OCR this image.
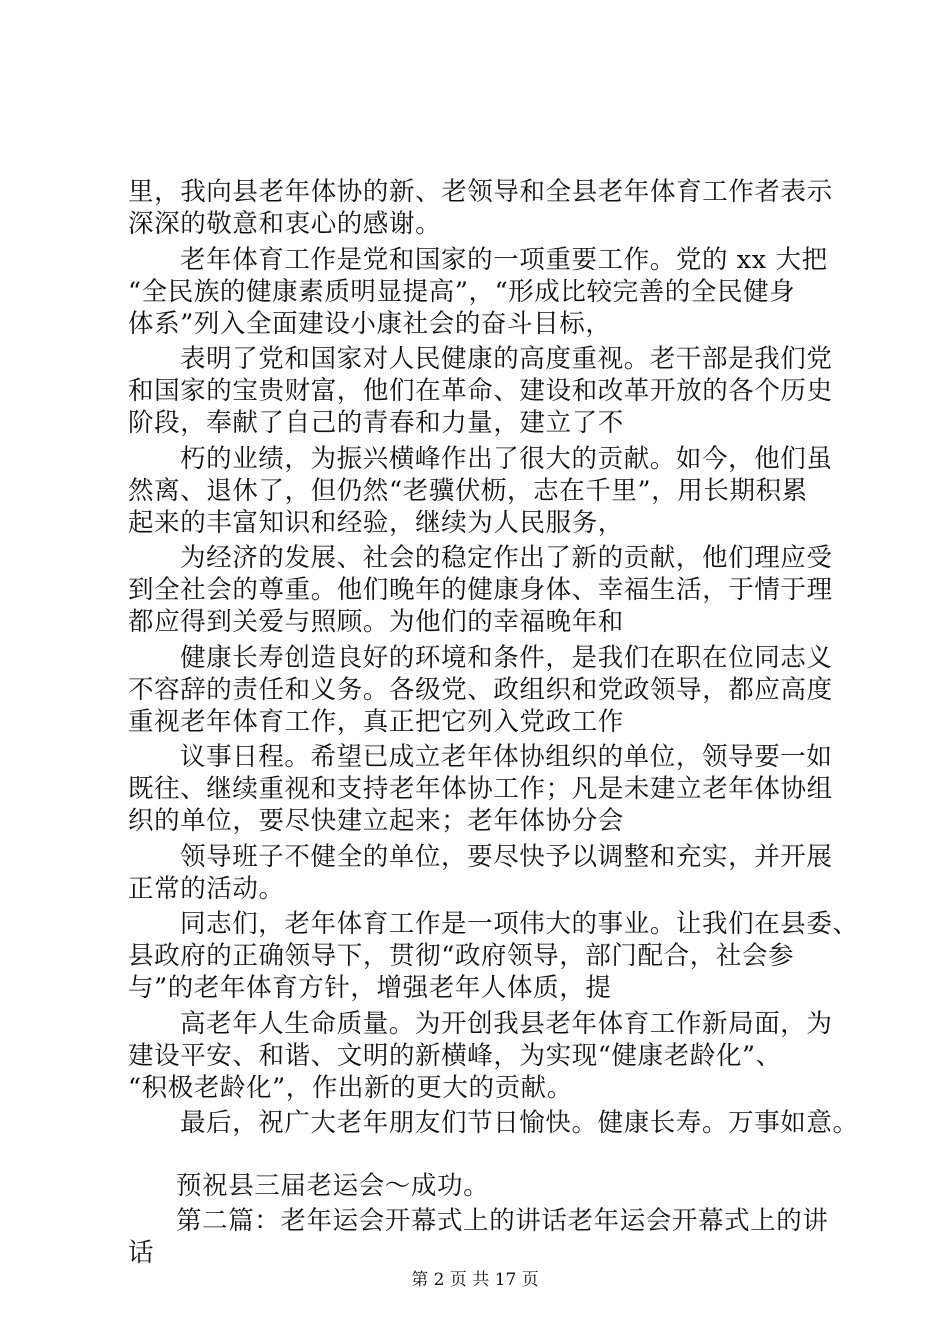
里，我向县老年体协的新、老领导和全县老年体育工作者表示
深深的敬意和衷心的感谢。
老年体育工作是党和国家的一项重要工作。党的 xx 大把
“全民族的健康素质明显提高”，“形成比较完善的全民健身
体系”列入全面建设小康社会的奋斗目标，
表明了党和国家对人民健康的高度重视。老干部是我们党
和国家的宝贵财富，他们在革命、建设和改革开放的各个历史
阶段，奉献了自己的青春和力量，建立了不
朽的业绩，为振兴横峰作出了很大的贡献。如今，他们虽
然离、退休了，但仍然“老骥伏枥，志在千里”，用长期积累
起来的丰富知识和经验，继续为人民服务，
为经济的发展、社会的稳定作出了新的贡献，他们理应受
到全社会的尊重。他们晚年的健康身体、幸福生活，于情于理
都应得到关爱与照顾。为他们的幸福晚年和
健康长寿创造良好的环境和条件，是我们在职在位同志义
不容辞的责任和义务。各级党、政组织和党政领导，都应高度
重视老年体育工作，真正把它列入党政工作
议事日程。希望已成立老年体协组织的单位，领导要一如
既往、继续重视和支持老年体协工作；凡是未建立老年体协组
织的单位，要尽快建立起来；老年体协分会
领导班子不健全的单位，要尽快予以调整和充实，并开展
正常的活动。
同志们，老年体育工作是一项伟大的事业。让我们在县委、
县政府的正确领导下，贯彻“政府领导，部门配合，社会参
与”的老年体育方针，增强老年人体质，提
高老年人生命质量。为开创我县老年体育工作新局面，为
建设平安、和谐、文明的新横峰，为实现“健康老龄化”、
“积极老龄化”，作出新的更大的贡献。
最后，祝广大老年朋友们节日愉快。健康长寿。万事如意。
预祝县三届老运会～成功。
第二篇：老年运会开幕式上的讲话老年运会开幕式上的讲
话
第 2 页 共 17 页
